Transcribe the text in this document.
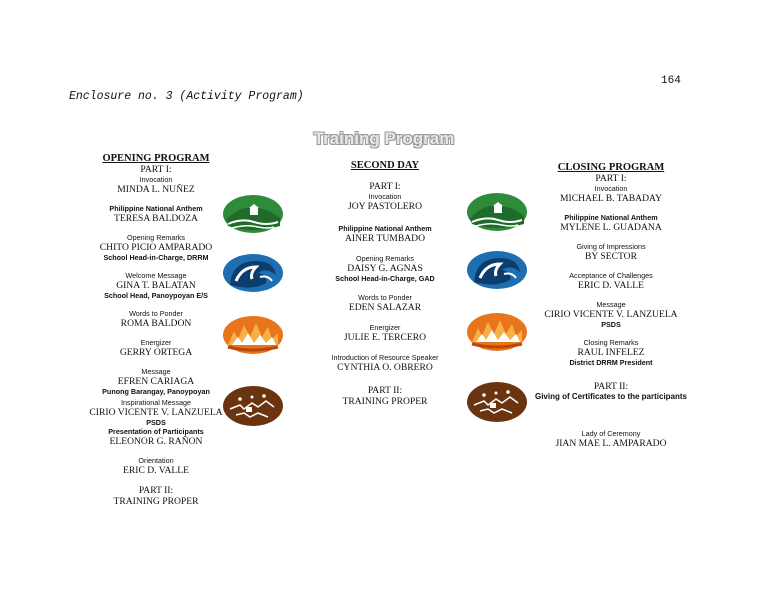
164
Enclosure no. 3 (Activity Program)
Training Program
OPENING PROGRAM
PART I:
Invocation
MINDA L. NUÑEZ
Philippine National Anthem
TERESA BALDOZA
Opening Remarks
CHITO PICIO AMPARADO
School Head-in-Charge, DRRM
Welcome Message
GINA T. BALATAN
School Head, Panoypoyan E/S
Words to Ponder
ROMA BALDON
Energizer
GERRY ORTEGA
Message
EFREN CARIAGA
Punong Barangay, Panoypoyan
Inspirational Message
CIRIO VICENTE V. LANZUELA
PSDS
Presentation of Participants
ELEONOR G. RAÑON
Orientation
ERIC D. VALLE
PART II:
TRAINING PROPER
SECOND DAY
PART I:
Invocation
JOY PASTOLERO
Philippine National Anthem
AINER TUMBADO
Opening Remarks
DAISY G. AGNAS
School Head-in-Charge, GAD
Words to Ponder
EDEN SALAZAR
Energizer
JULIE E. TERCERO
Introduction of Resource Speaker
CYNTHIA O. OBRERO
PART II:
TRAINING PROPER
CLOSING PROGRAM
PART I:
Invocation
MICHAEL B. TABADAY
Philippine National Anthem
MYLENE L. GUADANA
Giving of Impressions
BY SECTOR
Acceptance of Challenges
ERIC D. VALLE
Message
CIRIO VICENTE V. LANZUELA
PSDS
Closing Remarks
RAUL INFELEZ
District DRRM President
PART II:
Giving of Certificates to the participants
Lady of Ceremony
JIAN MAE L. AMPARADO
